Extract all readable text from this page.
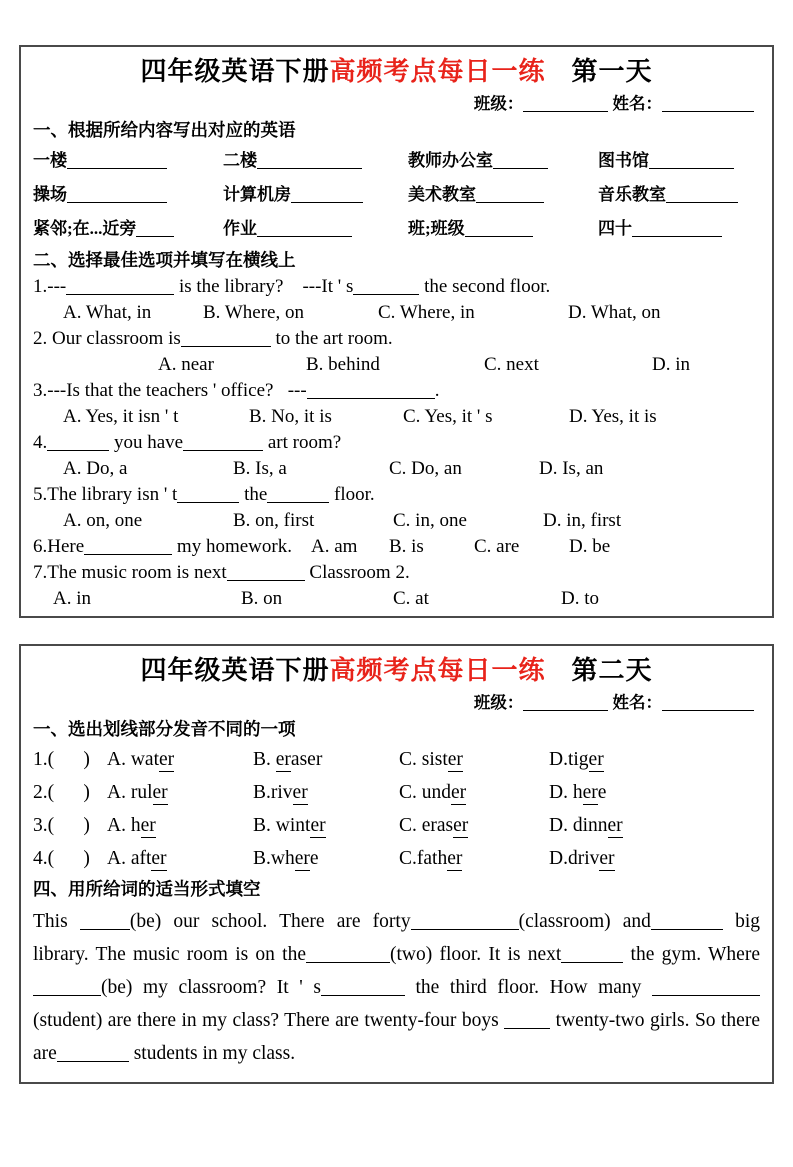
四年级英语下册高频考点每日一练 第一天
班级：	姓名：
一、根据所给内容写出对应的英语
一楼	二楼	教师办公室	图书馆
操场	计算机房	美术教室	音乐教室
紧邻;在...近旁	作业	班;班级	四十
二、选择最佳选项并填写在横线上
1.---	is the library?    ---It ' s	the second floor.
A. What, in	B. Where, on	C. Where, in	D. What, on
2. Our classroom is	to the art room.
A. near	B. behind	C. next	D. in
3.---Is that the teachers ' office?   ---	.
A. Yes, it isn ' t	B. No, it is	C. Yes, it ' s	D. Yes, it is
4.	you have	art room?
A. Do, a	B. Is, a	C. Do, an	D. Is, an
5.The library isn ' t	the	floor.
A. on, one	B. on, first	C. in, one	D. in, first
6.Here	my homework.    A. am B. is	C. are	D. be
7.The music room is next	Classroom 2.
A. in	B. on	C. at	D. to
四年级英语下册高频考点每日一练 第二天
班级：	姓名：
一、选出划线部分发音不同的一项
1.(      ) A. water	B. eraser	C. sister	D.tiger
2.(      ) A. ruler	B.river	C. under	D. here
3.(      ) A. her	B. winter	C. eraser	D. dinner
4.(      ) A. after	B.where	C.father	D.driver
四、用所给词的适当形式填空

This	(be) our school. There are forty	(classroom) and	big library. The music room is on the	(two) floor. It is next	the gym. Where (be) my classroom? It ' s	the third floor. How many (student) are there in my class? There are twenty-four boys  twenty-two girls. So there are	students in my class.
